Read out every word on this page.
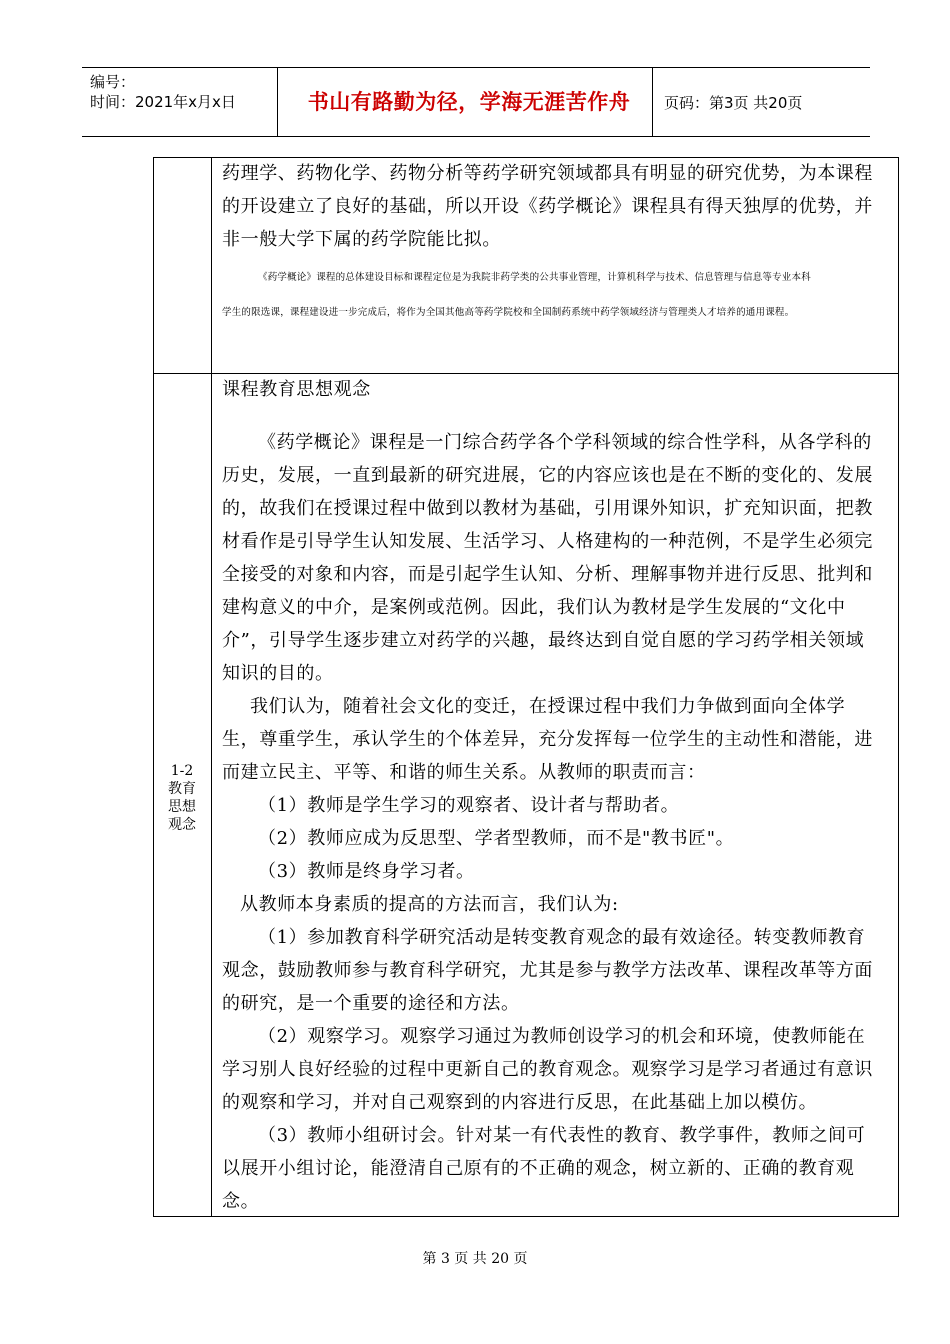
编号：
时间：2021年x月x日	书山有路勤为径，学海无涯苦作舟	页码：第3页 共20页
药理学、药物化学、药物分析等药学研究领域都具有明显的研究优势，为本课程
的开设建立了良好的基础，所以开设《药学概论》课程具有得天独厚的优势，并
非一般大学下属的药学院能比拟。
《药学概论》课程的总体建设目标和课程定位是为我院非药学类的公共事业管理，计算机科学与技术、信息管理与信息等专业本科
学生的限选课，课程建设进一步完成后，将作为全国其他高等药学院校和全国制药系统中药学领域经济与管理类人才培养的通用课程。
1-2
教育
思想
观念
课程教育思想观念
《药学概论》课程是一门综合药学各个学科领域的综合性学科，从各学科的
历史，发展，一直到最新的研究进展，它的内容应该也是在不断的变化的、发展
的，故我们在授课过程中做到以教材为基础，引用课外知识，扩充知识面，把教
材看作是引导学生认知发展、生活学习、人格建构的一种范例，不是学生必须完
全接受的对象和内容，而是引起学生认知、分析、理解事物并进行反思、批判和
建构意义的中介，是案例或范例。因此，我们认为教材是学生发展的“文化中
介”，引导学生逐步建立对药学的兴趣，最终达到自觉自愿的学习药学相关领域
知识的目的。
我们认为，随着社会文化的变迁，在授课过程中我们力争做到面向全体学
生，尊重学生，承认学生的个体差异，充分发挥每一位学生的主动性和潜能，进
而建立民主、平等、和谐的师生关系。从教师的职责而言：
（1）教师是学生学习的观察者、设计者与帮助者。
（2）教师应成为反思型、学者型教师，而不是"教书匠"。
（3）教师是终身学习者。
从教师本身素质的提高的方法而言，我们认为:
（1）参加教育科学研究活动是转变教育观念的最有效途径。转变教师教育
观念，鼓励教师参与教育科学研究，尤其是参与教学方法改革、课程改革等方面
的研究，是一个重要的途径和方法。
（2）观察学习。观察学习通过为教师创设学习的机会和环境，使教师能在
学习别人良好经验的过程中更新自己的教育观念。观察学习是学习者通过有意识
的观察和学习，并对自己观察到的内容进行反思，在此基础上加以模仿。
（3）教师小组研讨会。针对某一有代表性的教育、教学事件，教师之间可
以展开小组讨论，能澄清自己原有的不正确的观念，树立新的、正确的教育观
念。
第 3 页 共 20 页
